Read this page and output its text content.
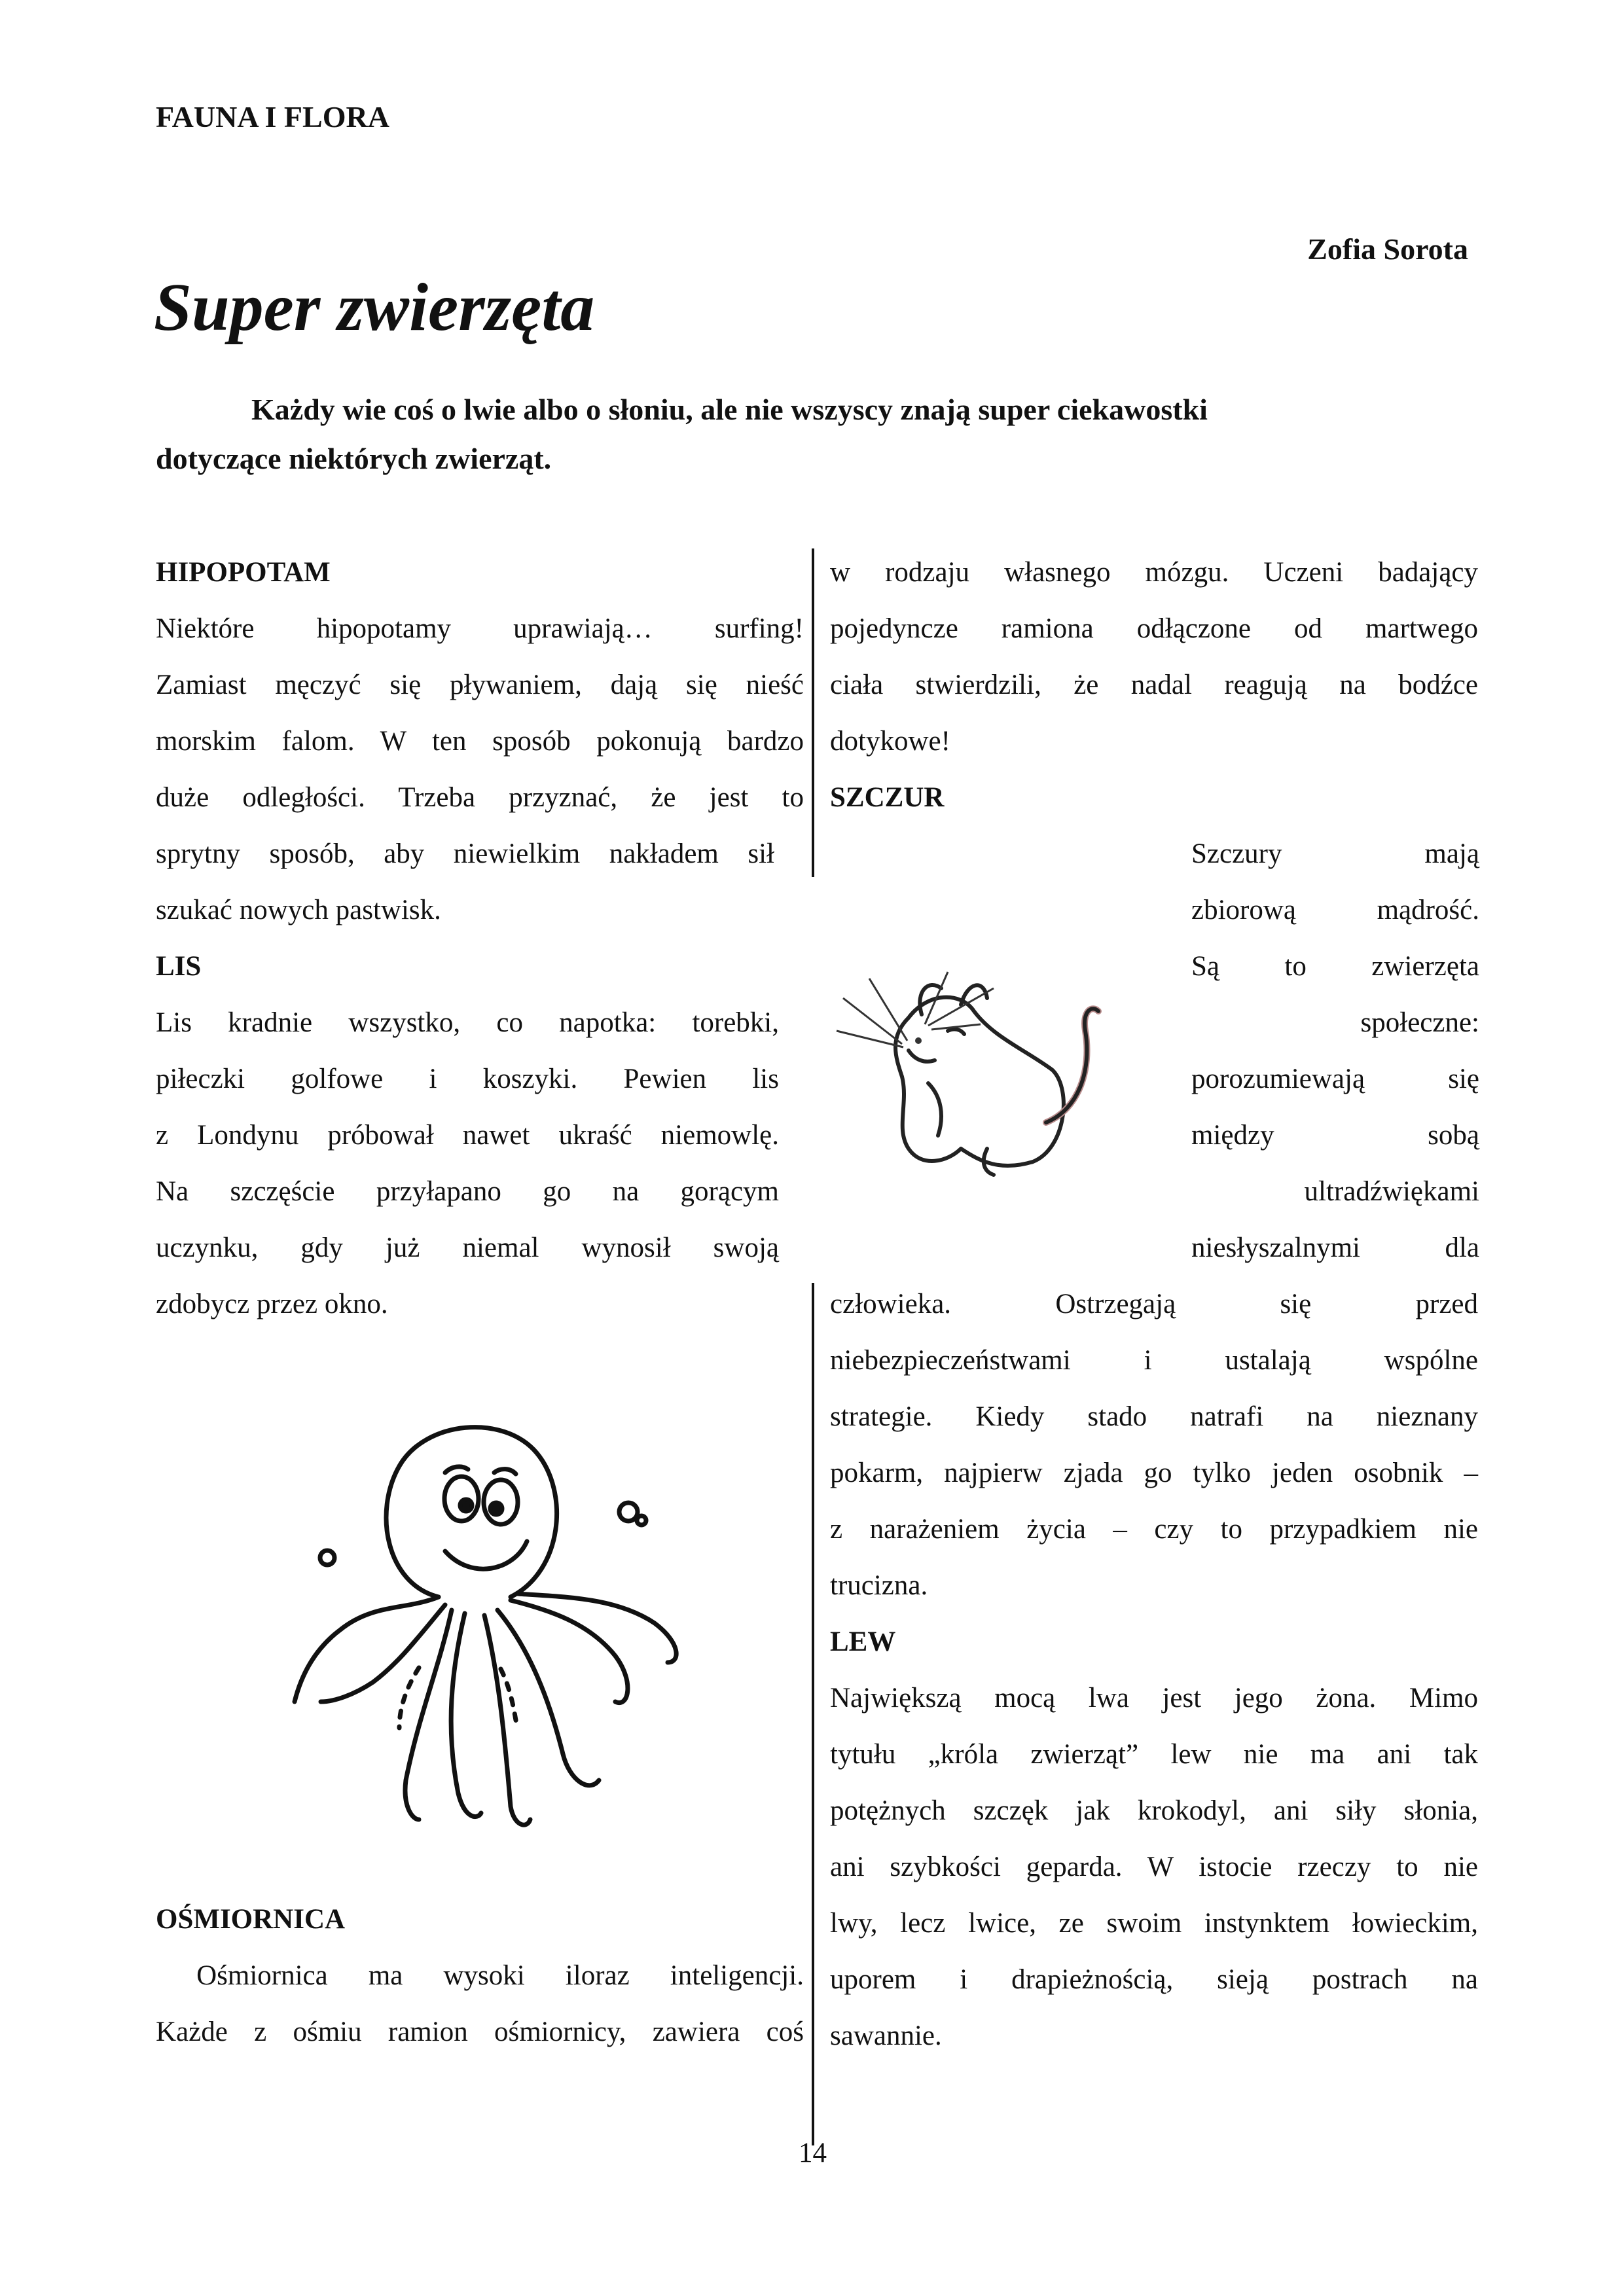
FAUNA I FLORA
Zofia Sorota
Super zwierzęta
Każdy wie coś o lwie albo o słoniu, ale nie wszyscy znają super ciekawostki
dotyczące niektórych zwierząt.
HIPOPOTAM
Niektóre hipopotamy uprawiają… surfing!
Zamiast męczyć się pływaniem, dają się nieść
morskim falom. W ten sposób pokonują bardzo
duże odległości. Trzeba przyznać, że jest to
sprytny sposób, aby niewielkim nakładem sił
szukać nowych pastwisk.
LIS
Lis kradnie wszystko, co napotka: torebki,
piłeczki golfowe i koszyki. Pewien lis
z Londynu próbował nawet ukraść niemowlę.
Na szczęście przyłapano go na gorącym
uczynku, gdy już niemal wynosił swoją
zdobycz przez okno.
OŚMIORNICA
Ośmiornica ma wysoki iloraz inteligencji.
Każde z ośmiu ramion ośmiornicy, zawiera coś
w rodzaju własnego mózgu. Uczeni badający
pojedyncze ramiona odłączone od martwego
ciała stwierdzili, że nadal reagują na bodźce
dotykowe!
SZCZUR
Szczury mają
zbiorową mądrość.
Są to zwierzęta
społeczne:
porozumiewają się
między sobą
ultradźwiękami
niesłyszalnymi dla
człowieka. Ostrzegają się przed
niebezpieczeństwami i ustalają wspólne
strategie. Kiedy stado natrafi na nieznany
pokarm, najpierw zjada go tylko jeden osobnik –
z narażeniem życia – czy to przypadkiem nie
trucizna.
LEW
Największą mocą lwa jest jego żona. Mimo
tytułu „króla zwierząt” lew nie ma ani tak
potężnych szczęk jak krokodyl, ani siły słonia,
ani szybkości geparda. W istocie rzeczy to nie
lwy, lecz lwice, ze swoim instynktem łowieckim,
uporem i drapieżnością, sieją postrach na
sawannie.
14
